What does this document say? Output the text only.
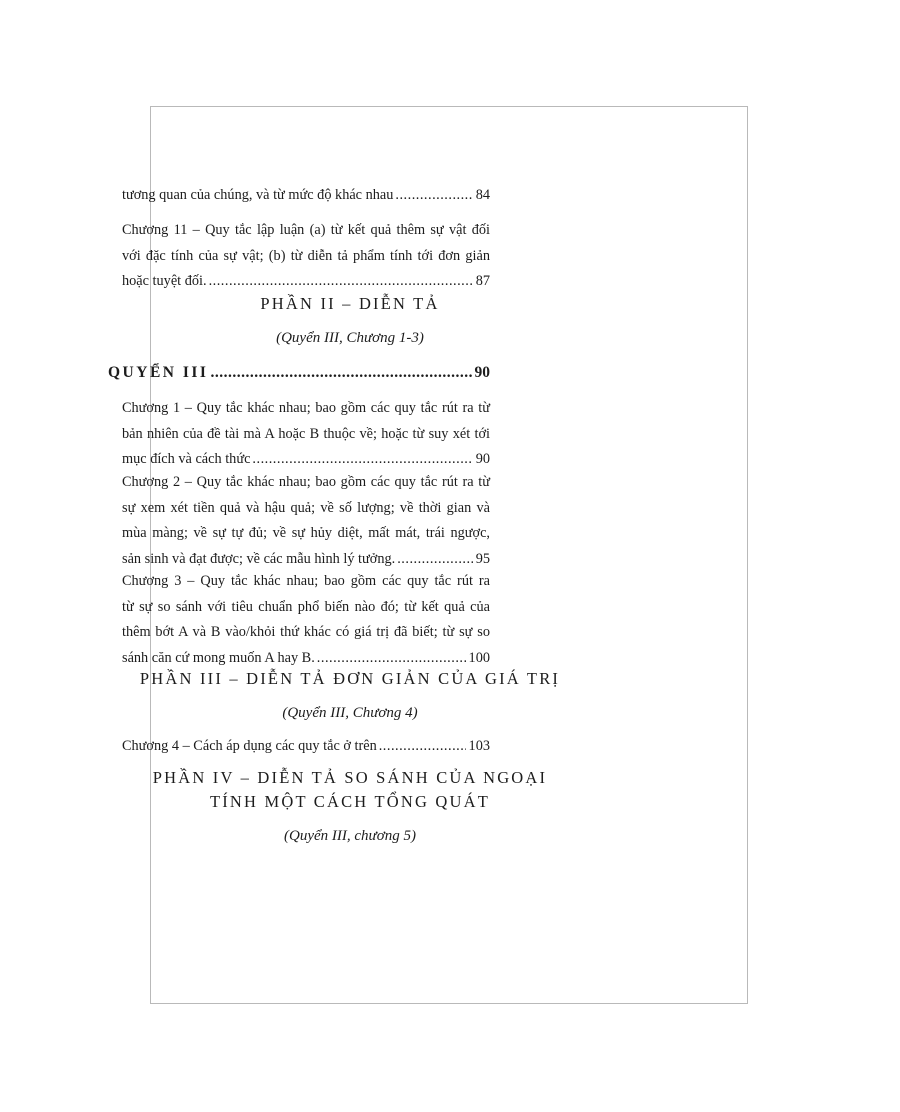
tương quan của chúng, và từ mức độ khác nhau .....	84
Chương 11 – Quy tắc lập luận (a) từ kết quả thêm sự vật đối
với đặc tính của sự vật; (b) từ diễn tả phẩm tính tới đơn giản
hoặc tuyệt đối. .....	87
PHẦN II – DIỄN TẢ
(Quyển III, Chương 1-3)
QUYỂN III .....	90
Chương 1 – Quy tắc khác nhau; bao gồm các quy tắc rút ra từ
bản nhiên của đề tài mà A hoặc B thuộc về; hoặc từ suy xét tới
mục đích và cách thức .....	90
Chương 2 – Quy tắc khác nhau; bao gồm các quy tắc rút ra từ
sự xem xét tiền quả và hậu quả; về số lượng; về thời gian và
mùa màng; về sự tự đủ; về sự hủy diệt, mất mát, trái ngược,
sản sinh và đạt được; về các mẫu hình lý tưởng. .....	95
Chương 3 – Quy tắc khác nhau; bao gồm các quy tắc rút ra
từ sự so sánh với tiêu chuẩn phổ biến nào đó; từ kết quả của
thêm bớt A và B vào/khỏi thứ khác có giá trị đã biết; từ sự so
sánh căn cứ mong muốn A hay B. .....	100
PHẦN III – DIỄN TẢ ĐƠN GIẢN CỦA GIÁ TRỊ
(Quyển III, Chương 4)
Chương 4 – Cách áp dụng các quy tắc ở trên .....	103
PHẦN IV – DIỄN TẢ SO SÁNH CỦA NGOẠI
TÍNH MỘT CÁCH TỔNG QUÁT
(Quyển III, chương 5)
